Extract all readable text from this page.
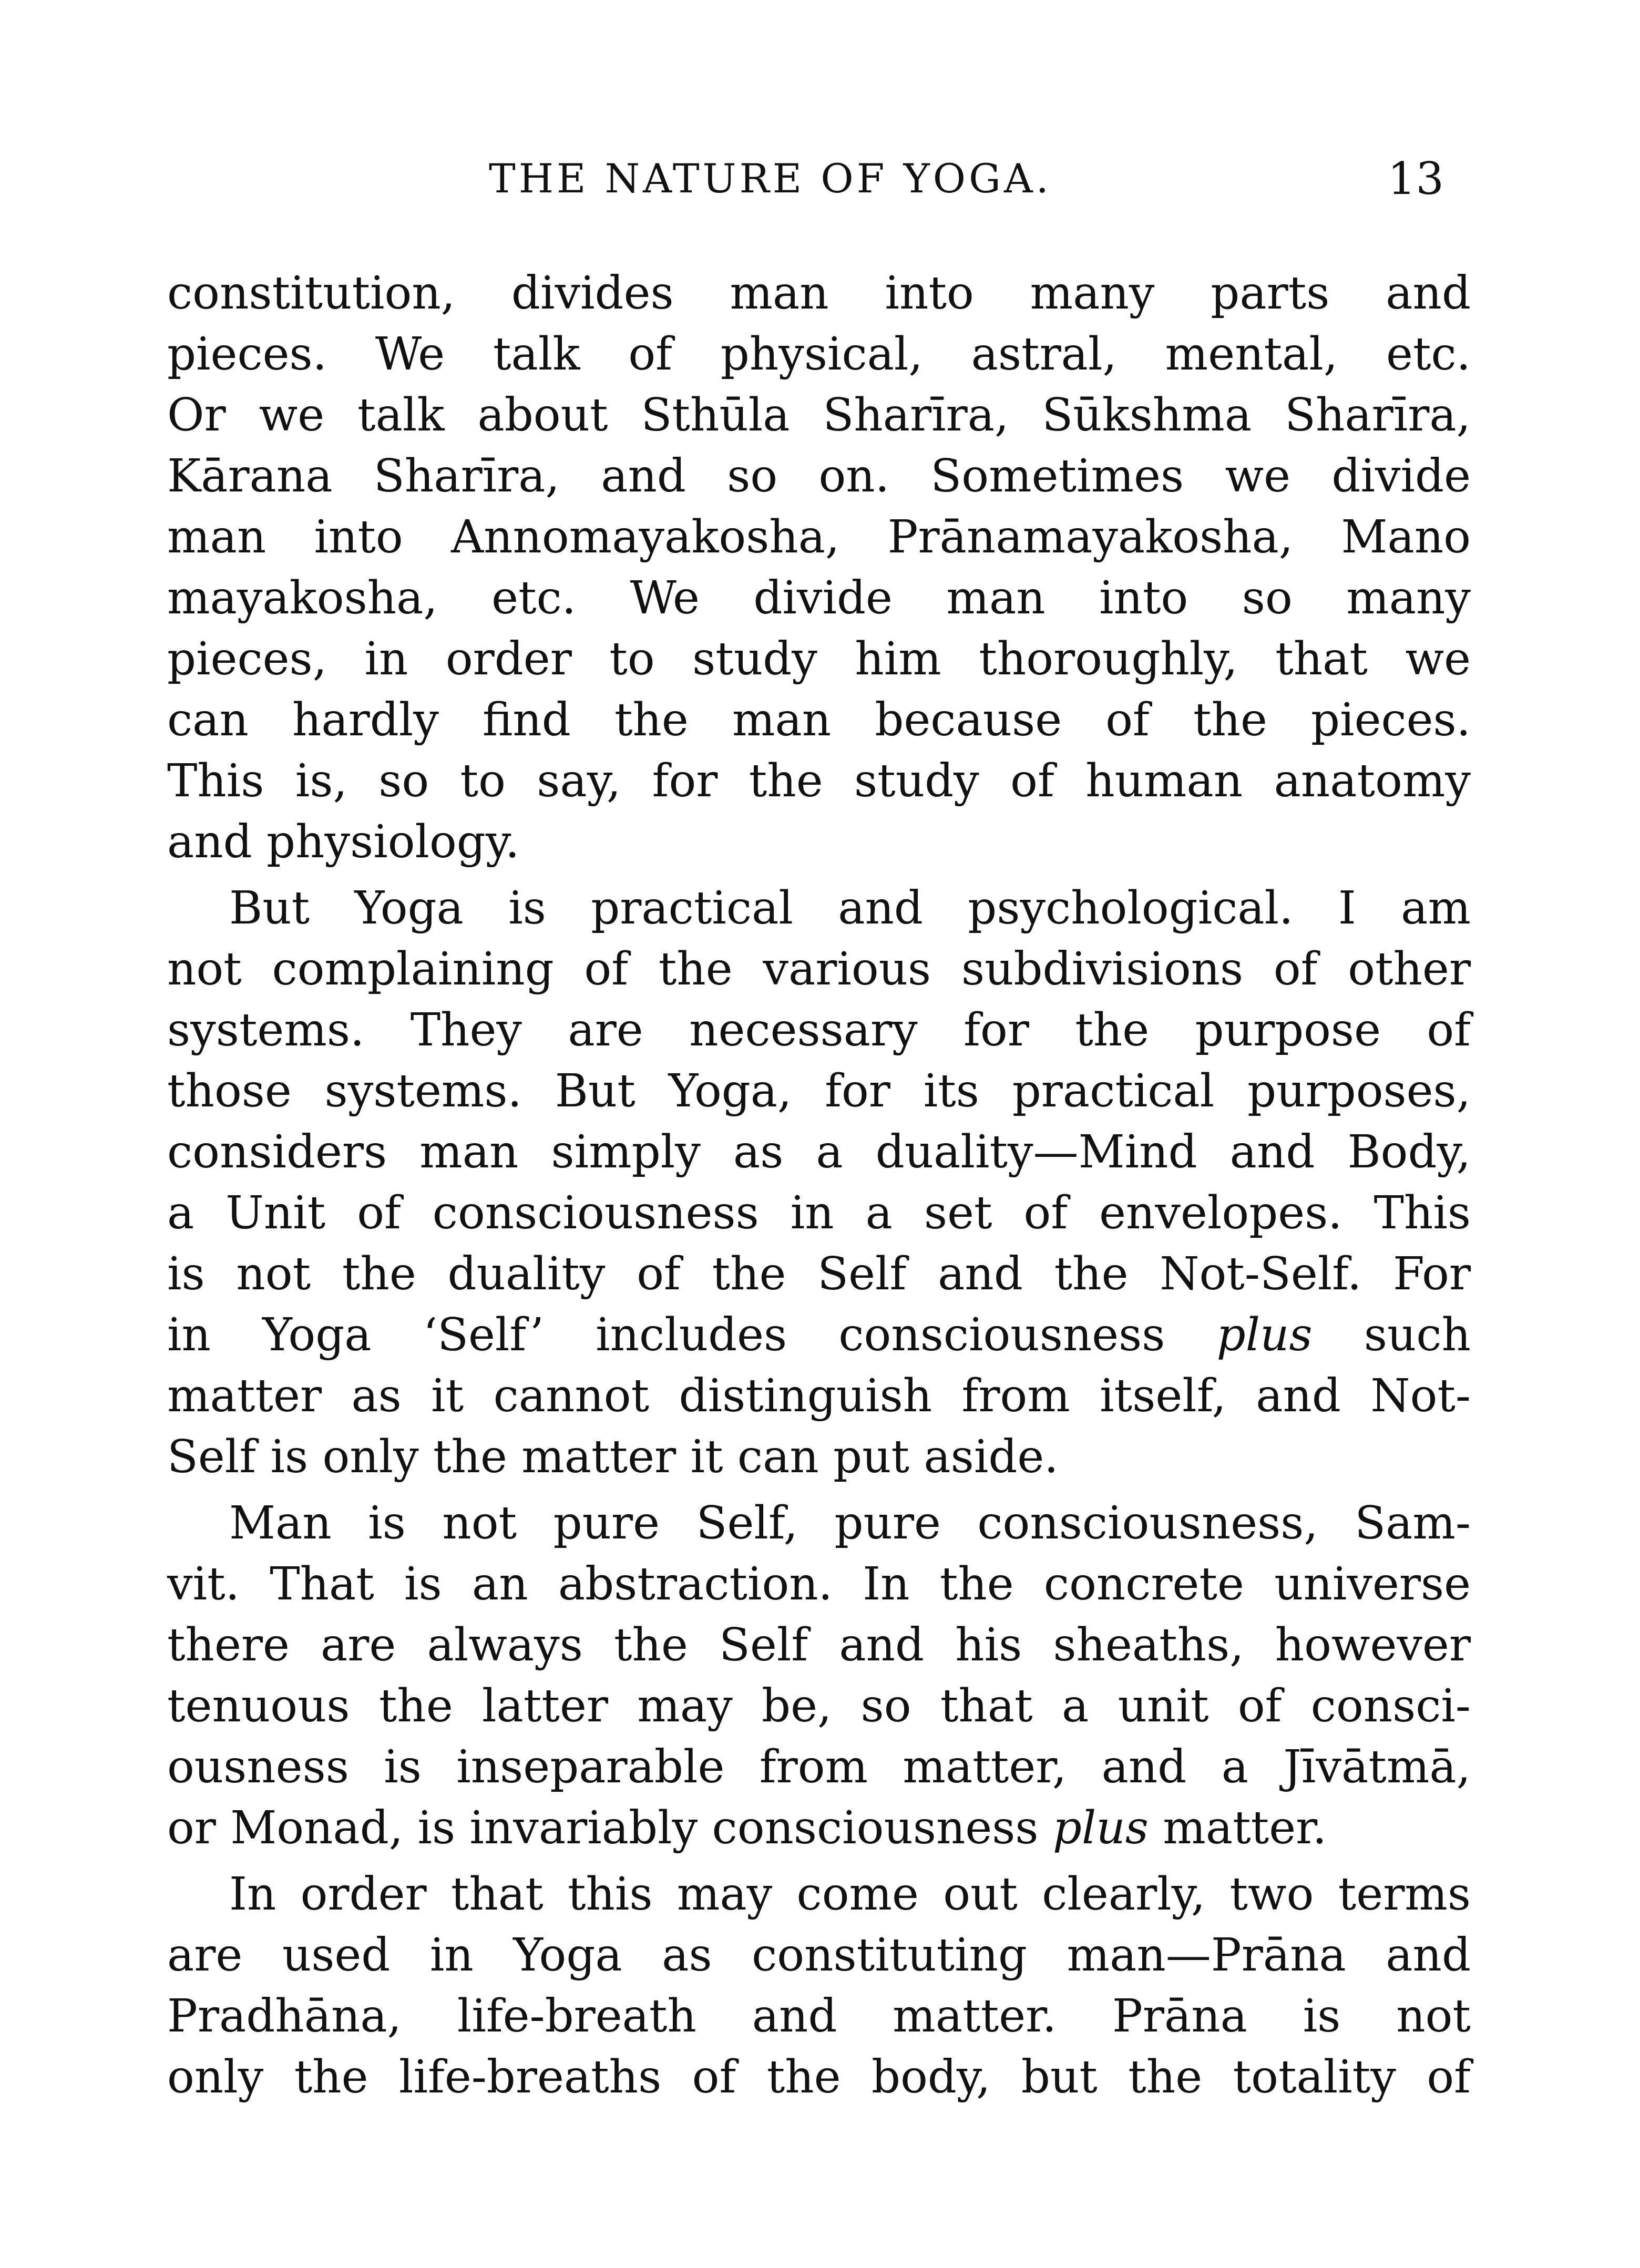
THE NATURE OF YOGA.	13
constitution, divides man into many parts and
pieces. We talk of physical, astral, mental, etc.
Or we talk about Sthūla Sharīra, Sūkshma Sharīra,
Kārana Sharīra, and so on. Sometimes we divide
man into Annomayakosha, Prānamayakosha, Mano
mayakosha, etc. We divide man into so many
pieces, in order to study him thoroughly, that we
can hardly find the man because of the pieces.
This is, so to say, for the study of human anatomy
and physiology.
But Yoga is practical and psychological. I am
not complaining of the various subdivisions of other
systems. They are necessary for the purpose of
those systems. But Yoga, for its practical purposes,
considers man simply as a duality—Mind and Body,
a Unit of consciousness in a set of envelopes. This
is not the duality of the Self and the Not-Self. For
in Yoga ‘Self’ includes consciousness plus such
matter as it cannot distinguish from itself, and Not-
Self is only the matter it can put aside.
Man is not pure Self, pure consciousness, Sam-
vit. That is an abstraction. In the concrete universe
there are always the Self and his sheaths, however
tenuous the latter may be, so that a unit of consci-
ousness is inseparable from matter, and a Jīvātmā,
or Monad, is invariably consciousness plus matter.
In order that this may come out clearly, two terms
are used in Yoga as constituting man—Prāna and
Pradhāna, life-breath and matter. Prāna is not
only the life-breaths of the body, but the totality of
